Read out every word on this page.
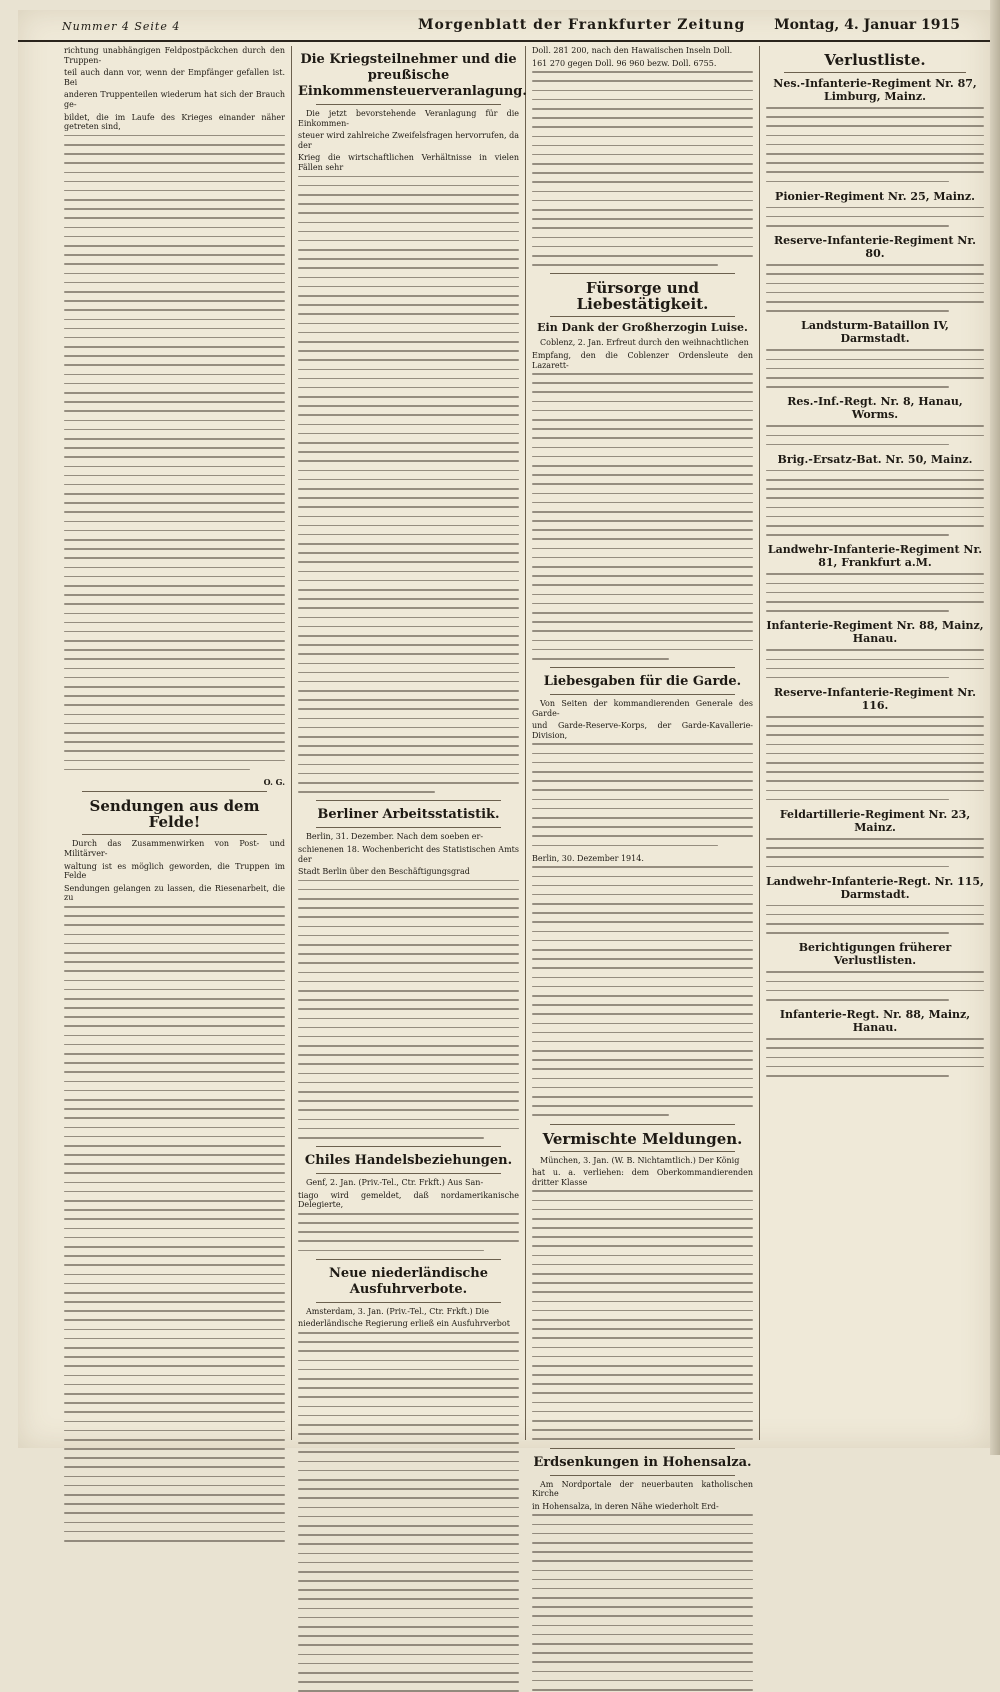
Nummer 4 Seite 4	Morgenblatt der Frankfurter Zeitung Montag, 4. Januar 1915

richtung unabhängigen Feldpostpäckchen durch den Truppen-

teil auch dann vor, wenn der Empfänger gefallen ist. Bei

anderen Truppenteilen wiederum hat sich der Brauch ge-

bildet, die im Laufe des Krieges einander näher getreten sind,

O. G.
Sendungen aus dem Felde!

Durch das Zusammenwirken von Post- und Militärver-

waltung ist es möglich geworden, die Truppen im Felde

Sendungen gelangen zu lassen, die Riesenarbeit, die zu

Die Kriegsteilnehmer und die preußische Einkommensteuerveranlagung.

Die jetzt bevorstehende Veranlagung für die Einkommen-

steuer wird zahlreiche Zweifelsfragen hervorrufen, da der

Krieg die wirtschaftlichen Verhältnisse in vielen Fällen sehr

Berliner Arbeitsstatistik.

Berlin, 31. Dezember. Nach dem soeben er-

schienenen 18. Wochenbericht des Statistischen Amts der

Stadt Berlin über den Beschäftigungsgrad

Chiles Handelsbeziehungen.

Genf, 2. Jan. (Priv.-Tel., Ctr. Frkft.) Aus San-

tiago wird gemeldet, daß nordamerikanische Delegierte,

Neue niederländische Ausfuhrverbote.

Amsterdam, 3. Jan. (Priv.-Tel., Ctr. Frkft.) Die

niederländische Regierung erließ ein Ausfuhrverbot

Doll. 281 200, nach den Hawaiischen Inseln Doll.

161 270 gegen Doll. 96 960 bezw. Doll. 6755.

Fürsorge und Liebestätigkeit.
Ein Dank der Großherzogin Luise.

Coblenz, 2. Jan. Erfreut durch den weihnachtlichen

Empfang, den die Coblenzer Ordensleute den Lazarett-

Liebesgaben für die Garde.

Von Seiten der kommandierenden Generale des Garde-

und Garde-Reserve-Korps, der Garde-Kavallerie-Division,

Berlin, 30. Dezember 1914.

Vermischte Meldungen.

München, 3. Jan. (W. B. Nichtamtlich.) Der König

hat u. a. verliehen: dem Oberkommandierenden dritter Klasse

Erdsenkungen in Hohensalza.

Am Nordportale der neuerbauten katholischen Kirche

in Hohensalza, in deren Nähe wiederholt Erd-

Verlustliste.
Nes.-Infanterie-Regiment Nr. 87, Limburg, Mainz.
Pionier-Regiment Nr. 25, Mainz.
Reserve-Infanterie-Regiment Nr. 80.
Landsturm-Bataillon IV, Darmstadt.
Res.-Inf.-Regt. Nr. 8, Hanau, Worms.
Brig.-Ersatz-Bat. Nr. 50, Mainz.
Landwehr-Infanterie-Regiment Nr. 81, Frankfurt a.M.
Infanterie-Regiment Nr. 88, Mainz, Hanau.
Reserve-Infanterie-Regiment Nr. 116.
Feldartillerie-Regiment Nr. 23, Mainz.
Landwehr-Infanterie-Regt. Nr. 115, Darmstadt.
Berichtigungen früherer Verlustlisten.
Infanterie-Regt. Nr. 88, Mainz, Hanau.
